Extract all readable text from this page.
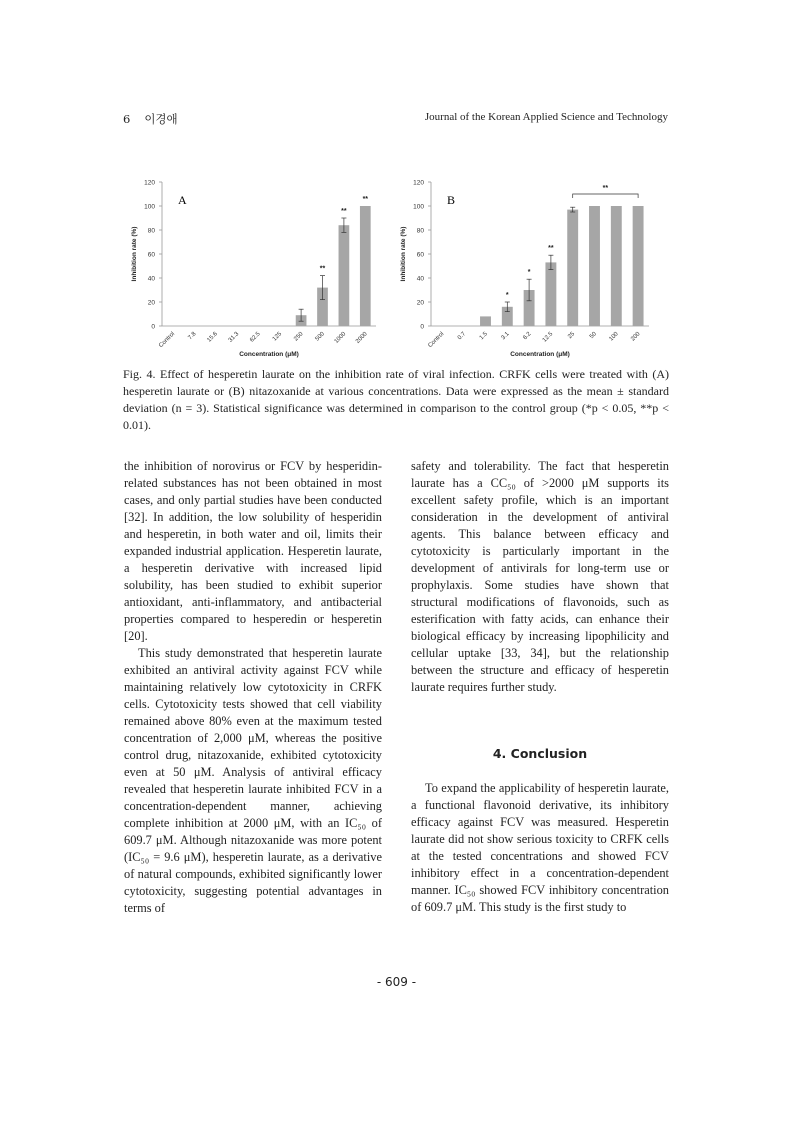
6 이경애	Journal of the Korean Applied Science and Technology
0
20
40
60
80
100
120
Inhibition rate (%)
A
Control 7.8 15.6 31.3 62.5 125 250
**
500
**
1000
**
2000
Concentration (μM)
0
20
40
60
80
100
120
Inhibition rate (%)
B
Control 0.7 1.5
*
3.1
*
6.2
**
12.5 25 50 100 200
**
Concentration (μM)
Fig. 4. Effect of hesperetin laurate on the inhibition rate of viral infection. CRFK cells were treated with (A) hesperetin laurate or (B) nitazoxanide at various concentrations. Data were expressed as the mean ± standard deviation (n = 3). Statistical significance was determined in comparison to the control group (*p < 0.05, **p < 0.01).

the inhibition of norovirus or FCV by hesperidin-related substances has not been obtained in most cases, and only partial studies have been conducted [32]. In addition, the low solubility of hesperidin and hesperetin, in both water and oil, limits their expanded industrial application. Hesperetin laurate, a hesperetin derivative with increased lipid solubility, has been studied to exhibit superior antioxidant, anti-inflammatory, and antibacterial properties compared to hesperedin or hesperetin [20].

This study demonstrated that hesperetin laurate exhibited an antiviral activity against FCV while maintaining relatively low cytotoxicity in CRFK cells. Cytotoxicity tests showed that cell viability remained above 80% even at the maximum tested concentration of 2,000 μM, whereas the positive control drug, nitazoxanide, exhibited cytotoxicity even at 50 μM. Analysis of antiviral efficacy revealed that hesperetin laurate inhibited FCV in a concentration-dependent manner, achieving complete inhibition at 2000 μM, with an IC₅₀ of 609.7 μM. Although nitazoxanide was more potent (IC₅₀ = 9.6 μM), hesperetin laurate, as a derivative of natural compounds, exhibited significantly lower cytotoxicity, suggesting potential advantages in terms of

safety and tolerability. The fact that hesperetin laurate has a CC₅₀ of >2000 μM supports its excellent safety profile, which is an important consideration in the development of antiviral agents. This balance between efficacy and cytotoxicity is particularly important in the development of antivirals for long-term use or prophylaxis. Some studies have shown that structural modifications of flavonoids, such as esterification with fatty acids, can enhance their biological efficacy by increasing lipophilicity and cellular uptake [33, 34], but the relationship between the structure and efficacy of hesperetin laurate requires further study.

4. Conclusion

To expand the applicability of hesperetin laurate, a functional flavonoid derivative, its inhibitory efficacy against FCV was measured. Hesperetin laurate did not show serious toxicity to CRFK cells at the tested concentrations and showed FCV inhibitory effect in a concentration-dependent manner. IC₅₀ showed FCV inhibitory concentration of 609.7 μM. This study is the first study to

- 609 -
